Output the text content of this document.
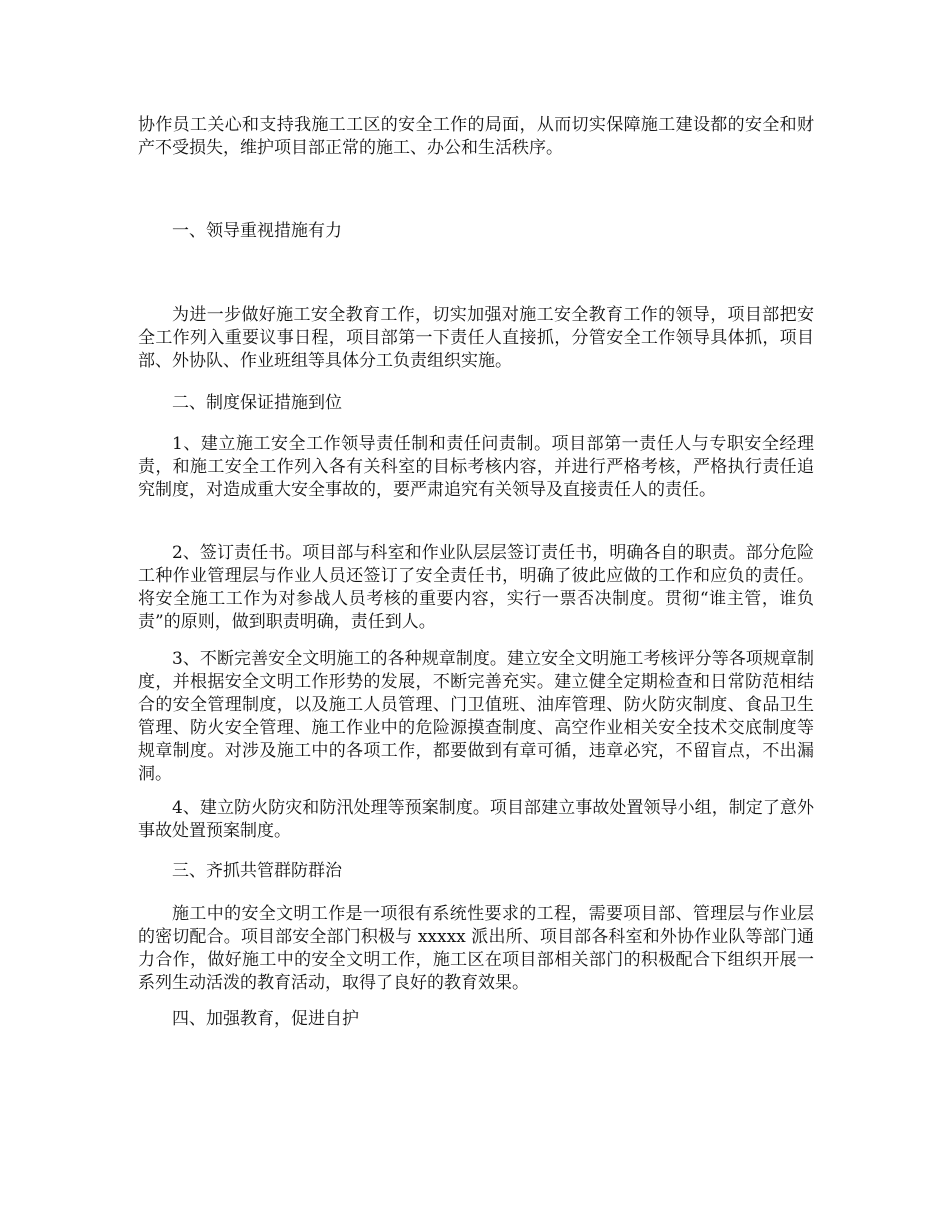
协作员工关心和支持我施工工区的安全工作的局面，从而切实保障施工建设都的安全和财产不受损失，维护项目部正常的施工、办公和生活秩序。

一、领导重视措施有力

为进一步做好施工安全教育工作，切实加强对施工安全教育工作的领导，项目部把安全工作列入重要议事日程，项目部第一下责任人直接抓，分管安全工作领导具体抓，项目部、外协队、作业班组等具体分工负责组织实施。

二、制度保证措施到位

1、建立施工安全工作领导责任制和责任问责制。项目部第一责任人与专职安全经理责，和施工安全工作列入各有关科室的目标考核内容，并进行严格考核，严格执行责任追究制度，对造成重大安全事故的，要严肃追究有关领导及直接责任人的责任。

2、签订责任书。项目部与科室和作业队层层签订责任书，明确各自的职责。部分危险工种作业管理层与作业人员还签订了安全责任书，明确了彼此应做的工作和应负的责任。将安全施工工作为对参战人员考核的重要内容，实行一票否决制度。贯彻“谁主管，谁负责”的原则，做到职责明确，责任到人。

3、不断完善安全文明施工的各种规章制度。建立安全文明施工考核评分等各项规章制度，并根据安全文明工作形势的发展，不断完善充实。建立健全定期检查和日常防范相结合的安全管理制度，以及施工人员管理、门卫值班、油库管理、防火防灾制度、食品卫生管理、防火安全管理、施工作业中的危险源摸查制度、高空作业相关安全技术交底制度等规章制度。对涉及施工中的各项工作，都要做到有章可循，违章必究，不留盲点，不出漏洞。

4、建立防火防灾和防汛处理等预案制度。项目部建立事故处置领导小组，制定了意外事故处置预案制度。

三、齐抓共管群防群治

施工中的安全文明工作是一项很有系统性要求的工程，需要项目部、管理层与作业层的密切配合。项目部安全部门积极与 xxxxx 派出所、项目部各科室和外协作业队等部门通力合作，做好施工中的安全文明工作，施工区在项目部相关部门的积极配合下组织开展一系列生动活泼的教育活动，取得了良好的教育效果。

四、加强教育，促进自护
